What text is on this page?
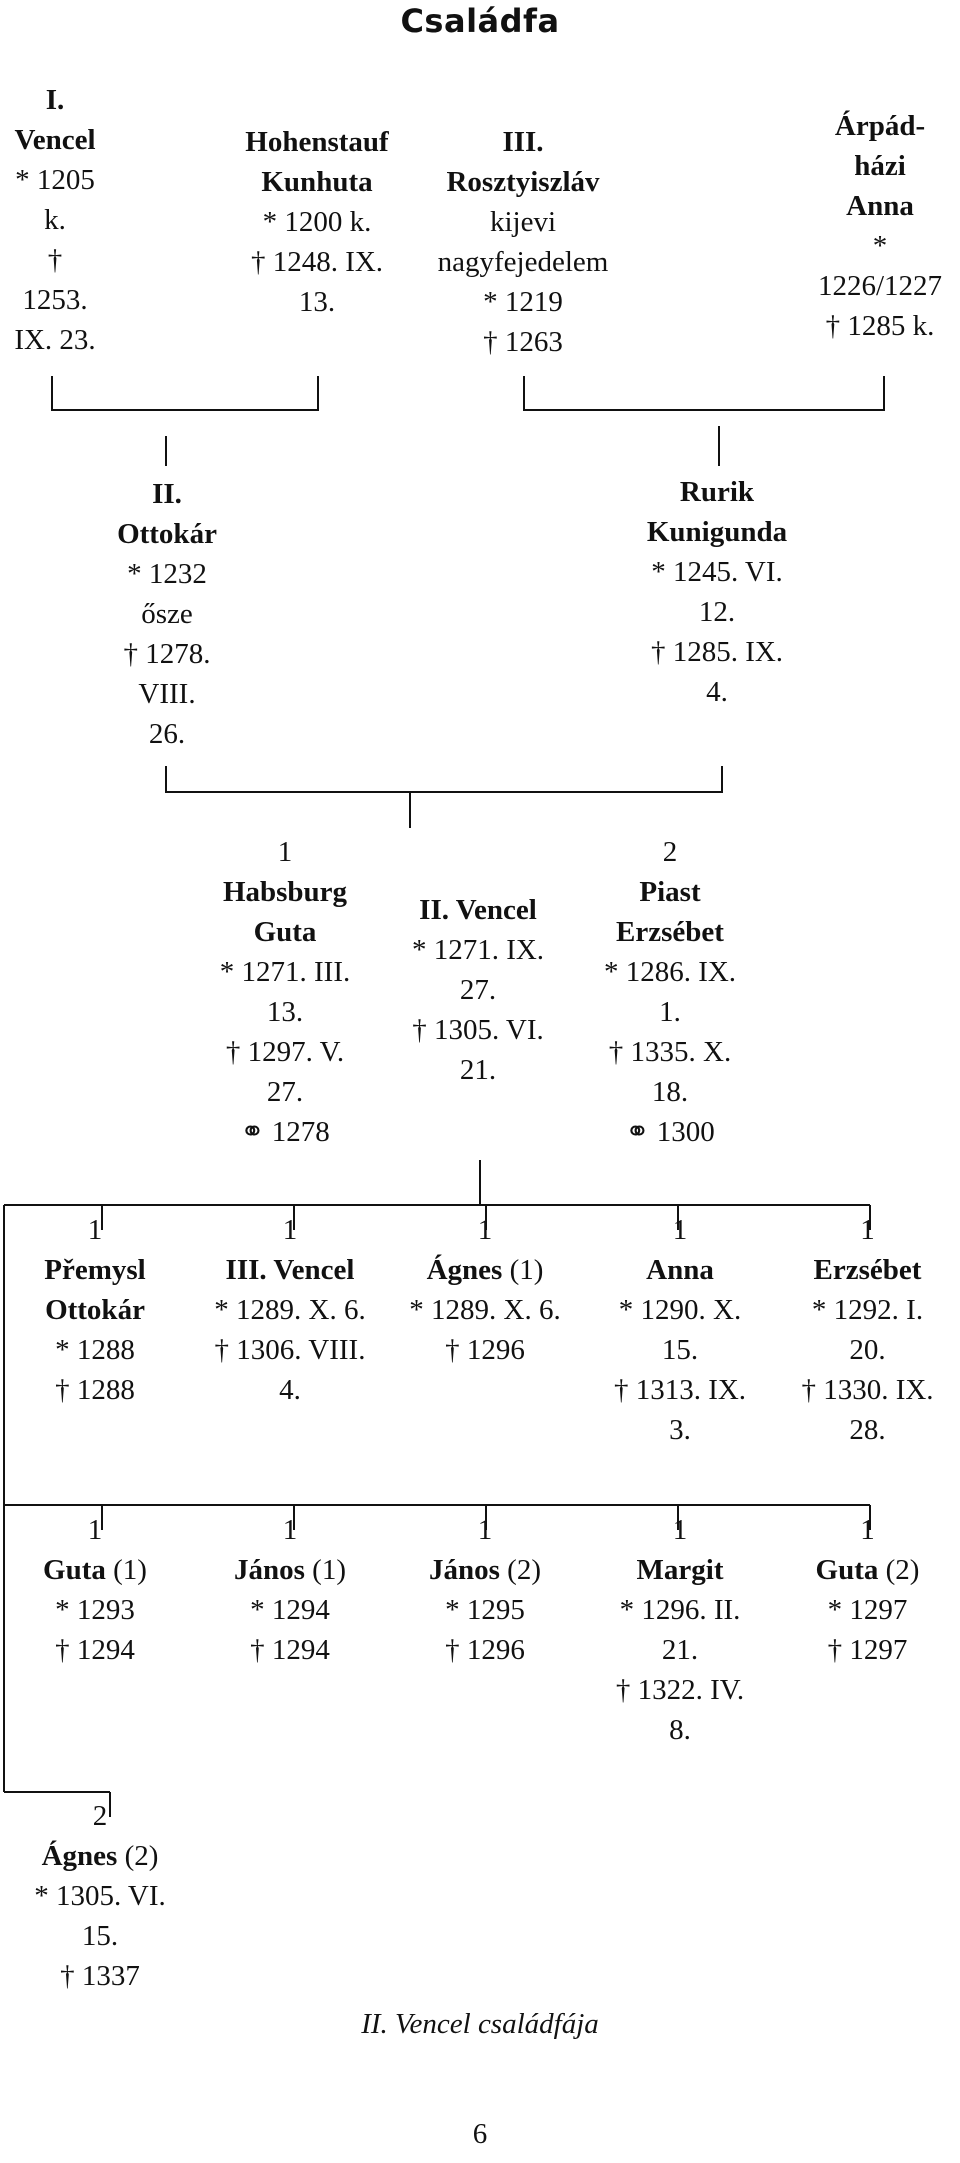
Családfa
I.
Vencel
* 1205
k.
†
1253.
IX. 23.
Hohenstauf
Kunhuta
* 1200 k.
† 1248. IX.
13.
III.
Rosztyiszláv
kijevi
nagyfejedelem
* 1219
† 1263
Árpád-
házi
Anna
*
1226/1227
† 1285 k.
II.
Ottokár
* 1232
ősze
† 1278.
VIII.
26.
Rurik
Kunigunda
* 1245. VI.
12.
† 1285. IX.
4.
1
Habsburg
Guta
* 1271. III.
13.
† 1297. V.
27.
⚭ 1278
II. Vencel
* 1271. IX.
27.
† 1305. VI.
21.
2
Piast
Erzsébet
* 1286. IX.
1.
† 1335. X.
18.
⚭ 1300
1
Přemysl
Ottokár
* 1288
† 1288
1
III. Vencel
* 1289. X. 6.
† 1306. VIII.
4.
1
Ágnes (1)
* 1289. X. 6.
† 1296
1
Anna
* 1290. X.
15.
† 1313. IX.
3.
1
Erzsébet
* 1292. I.
20.
† 1330. IX.
28.
1
Guta (1)
* 1293
† 1294
1
János (1)
* 1294
† 1294
1
János (2)
* 1295
† 1296
1
Margit
* 1296. II.
21.
† 1322. IV.
8.
1
Guta (2)
* 1297
† 1297
2
Ágnes (2)
* 1305. VI.
15.
† 1337
II. Vencel családfája
6
